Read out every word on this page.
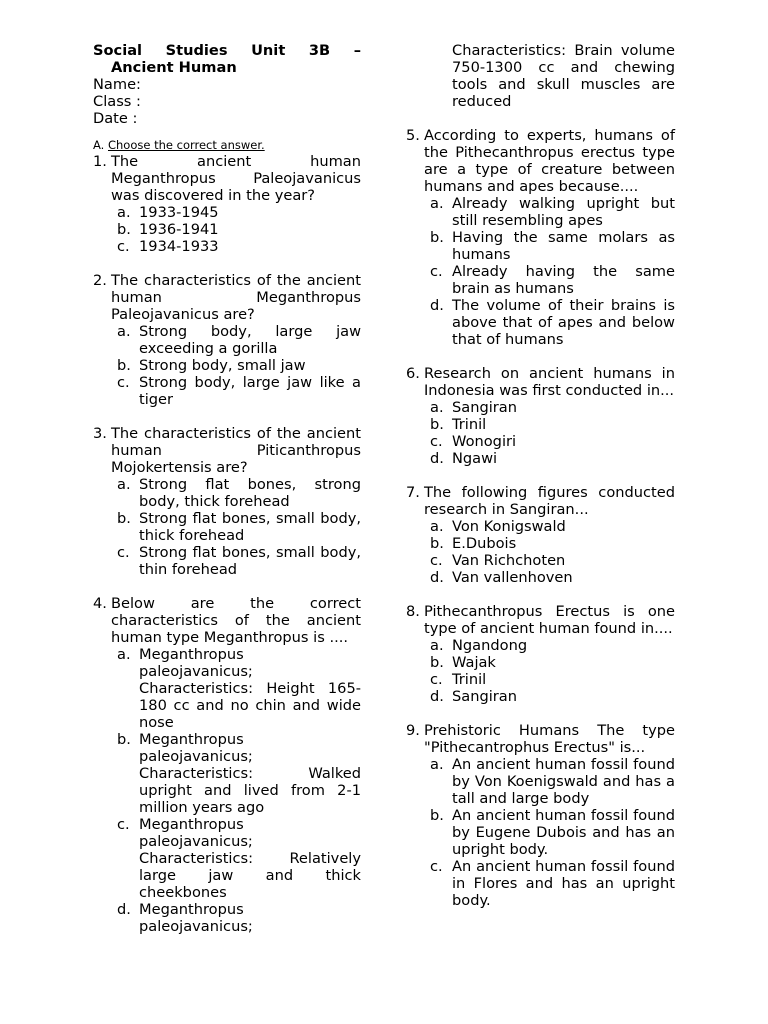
Social Studies Unit 3B –
Ancient Human
Name:
Class :
Date :
A. Choose the correct answer.
1. The ancient human Meganthropus Paleojavanicus was discovered in the year?
a. 1933-1945
b. 1936-1941
c. 1934-1933
2. The characteristics of the ancient human Meganthropus Paleojavanicus are?
a. Strong body, large jaw exceeding a gorilla
b. Strong body, small jaw
c. Strong body, large jaw like a tiger
3. The characteristics of the ancient human Piticanthropus Mojokertensis are?
a. Strong flat bones, strong body, thick forehead
b. Strong flat bones, small body, thick forehead
c. Strong flat bones, small body, thin forehead
4. Below are the correct characteristics of the ancient human type Meganthropus is ....
a. Meganthropus paleojavanicus; Characteristics: Height 165-180 cc and no chin and wide nose
b. Meganthropus paleojavanicus; Characteristics: Walked upright and lived from 2-1 million years ago
c. Meganthropus paleojavanicus; Characteristics: Relatively large jaw and thick cheekbones
d. Meganthropus paleojavanicus;
Characteristics: Brain volume 750-1300 cc and chewing tools and skull muscles are reduced
5. According to experts, humans of the Pithecanthropus erectus type are a type of creature between humans and apes because....
a. Already walking upright but still resembling apes
b. Having the same molars as humans
c. Already having the same brain as humans
d. The volume of their brains is above that of apes and below that of humans
6. Research on ancient humans in Indonesia was first conducted in...
a. Sangiran
b. Trinil
c. Wonogiri
d. Ngawi
7. The following figures conducted research in Sangiran...
a. Von Konigswald
b. E.Dubois
c. Van Richchoten
d. Van vallenhoven
8. Pithecanthropus Erectus is one type of ancient human found in....
a. Ngandong
b. Wajak
c. Trinil
d. Sangiran
9. Prehistoric Humans The type "Pithecantrophus Erectus" is...
a. An ancient human fossil found by Von Koenigswald and has a tall and large body
b. An ancient human fossil found by Eugene Dubois and has an upright body.
c. An ancient human fossil found in Flores and has an upright body.
